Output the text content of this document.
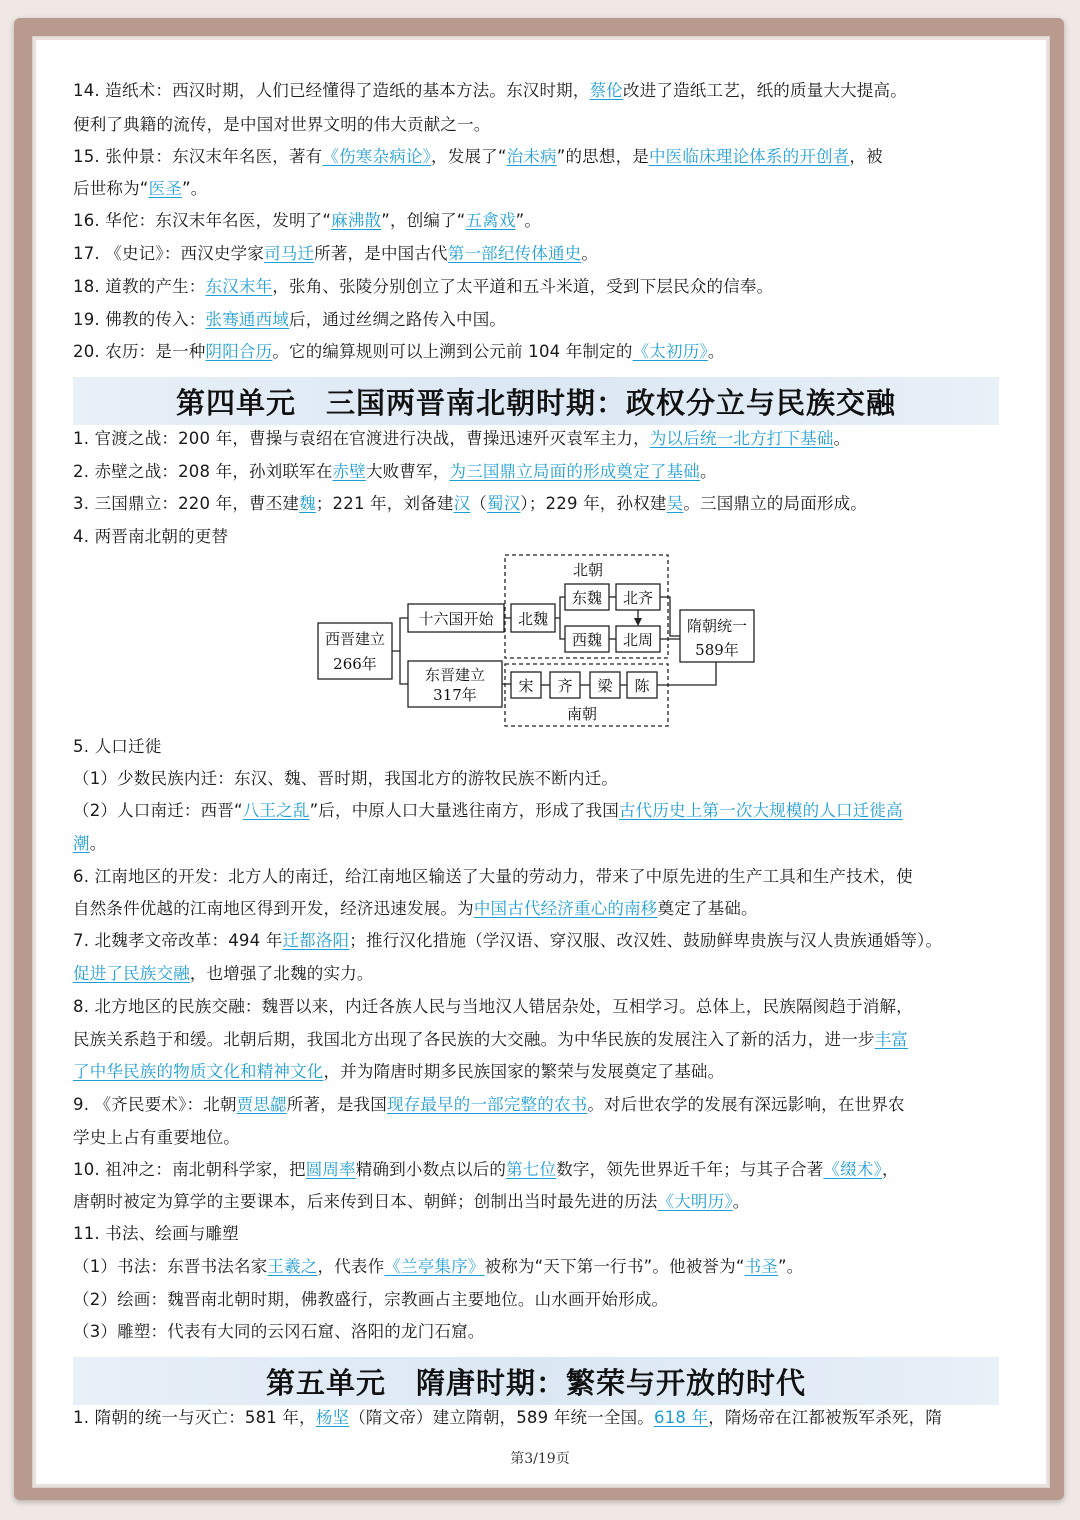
14. 造纸术：西汉时期，人们已经懂得了造纸的基本方法。东汉时期，蔡伦改进了造纸工艺，纸的质量大大提高。
便利了典籍的流传，是中国对世界文明的伟大贡献之一。
15. 张仲景：东汉末年名医，著有《伤寒杂病论》，发展了“治未病”的思想，是中医临床理论体系的开创者，被
后世称为“医圣”。
16. 华佗：东汉末年名医，发明了“麻沸散”，创编了“五禽戏”。
17. 《史记》：西汉史学家司马迁所著，是中国古代第一部纪传体通史。
18. 道教的产生：东汉末年，张角、张陵分别创立了太平道和五斗米道，受到下层民众的信奉。
19. 佛教的传入：张骞通西域后，通过丝绸之路传入中国。
20. 农历：是一种阴阳合历。它的编算规则可以上溯到公元前 104 年制定的《太初历》。
第四单元　三国两晋南北朝时期：政权分立与民族交融
1. 官渡之战：200 年，曹操与袁绍在官渡进行决战，曹操迅速歼灭袁军主力，为以后统一北方打下基础。
2. 赤壁之战：208 年，孙刘联军在赤壁大败曹军，为三国鼎立局面的形成奠定了基础。
3. 三国鼎立：220 年，曹丕建魏；221 年，刘备建汉（蜀汉）；229 年，孙权建吴。三国鼎立的局面形成。
4. 两晋南北朝的更替
西晋建立
266年
十六国开始
东晋建立
317年
北魏
北朝
东魏 北齐
西魏 北周
隋朝统一
589年
宋 齐 梁 陈
南朝
5. 人口迁徙
（1）少数民族内迁：东汉、魏、晋时期，我国北方的游牧民族不断内迁。
（2）人口南迁：西晋“八王之乱”后，中原人口大量逃往南方，形成了我国古代历史上第一次大规模的人口迁徙高
潮。
6. 江南地区的开发：北方人的南迁，给江南地区输送了大量的劳动力，带来了中原先进的生产工具和生产技术，使
自然条件优越的江南地区得到开发，经济迅速发展。为中国古代经济重心的南移奠定了基础。
7. 北魏孝文帝改革：494 年迁都洛阳；推行汉化措施（学汉语、穿汉服、改汉姓、鼓励鲜卑贵族与汉人贵族通婚等）。
促进了民族交融，也增强了北魏的实力。
8. 北方地区的民族交融：魏晋以来，内迁各族人民与当地汉人错居杂处，互相学习。总体上，民族隔阂趋于消解，
民族关系趋于和缓。北朝后期，我国北方出现了各民族的大交融。为中华民族的发展注入了新的活力，进一步丰富
了中华民族的物质文化和精神文化，并为隋唐时期多民族国家的繁荣与发展奠定了基础。
9. 《齐民要术》：北朝贾思勰所著，是我国现存最早的一部完整的农书。对后世农学的发展有深远影响，在世界农
学史上占有重要地位。
10. 祖冲之：南北朝科学家，把圆周率精确到小数点以后的第七位数字，领先世界近千年；与其子合著《缀术》，
唐朝时被定为算学的主要课本，后来传到日本、朝鲜；创制出当时最先进的历法《大明历》。
11. 书法、绘画与雕塑
（1）书法：东晋书法名家王羲之，代表作《兰亭集序》被称为“天下第一行书”。他被誉为“书圣”。
（2）绘画：魏晋南北朝时期，佛教盛行，宗教画占主要地位。山水画开始形成。
（3）雕塑：代表有大同的云冈石窟、洛阳的龙门石窟。
第五单元　隋唐时期：繁荣与开放的时代
1. 隋朝的统一与灭亡：581 年，杨坚（隋文帝）建立隋朝，589 年统一全国。618 年，隋炀帝在江都被叛军杀死，隋
第3/19页
